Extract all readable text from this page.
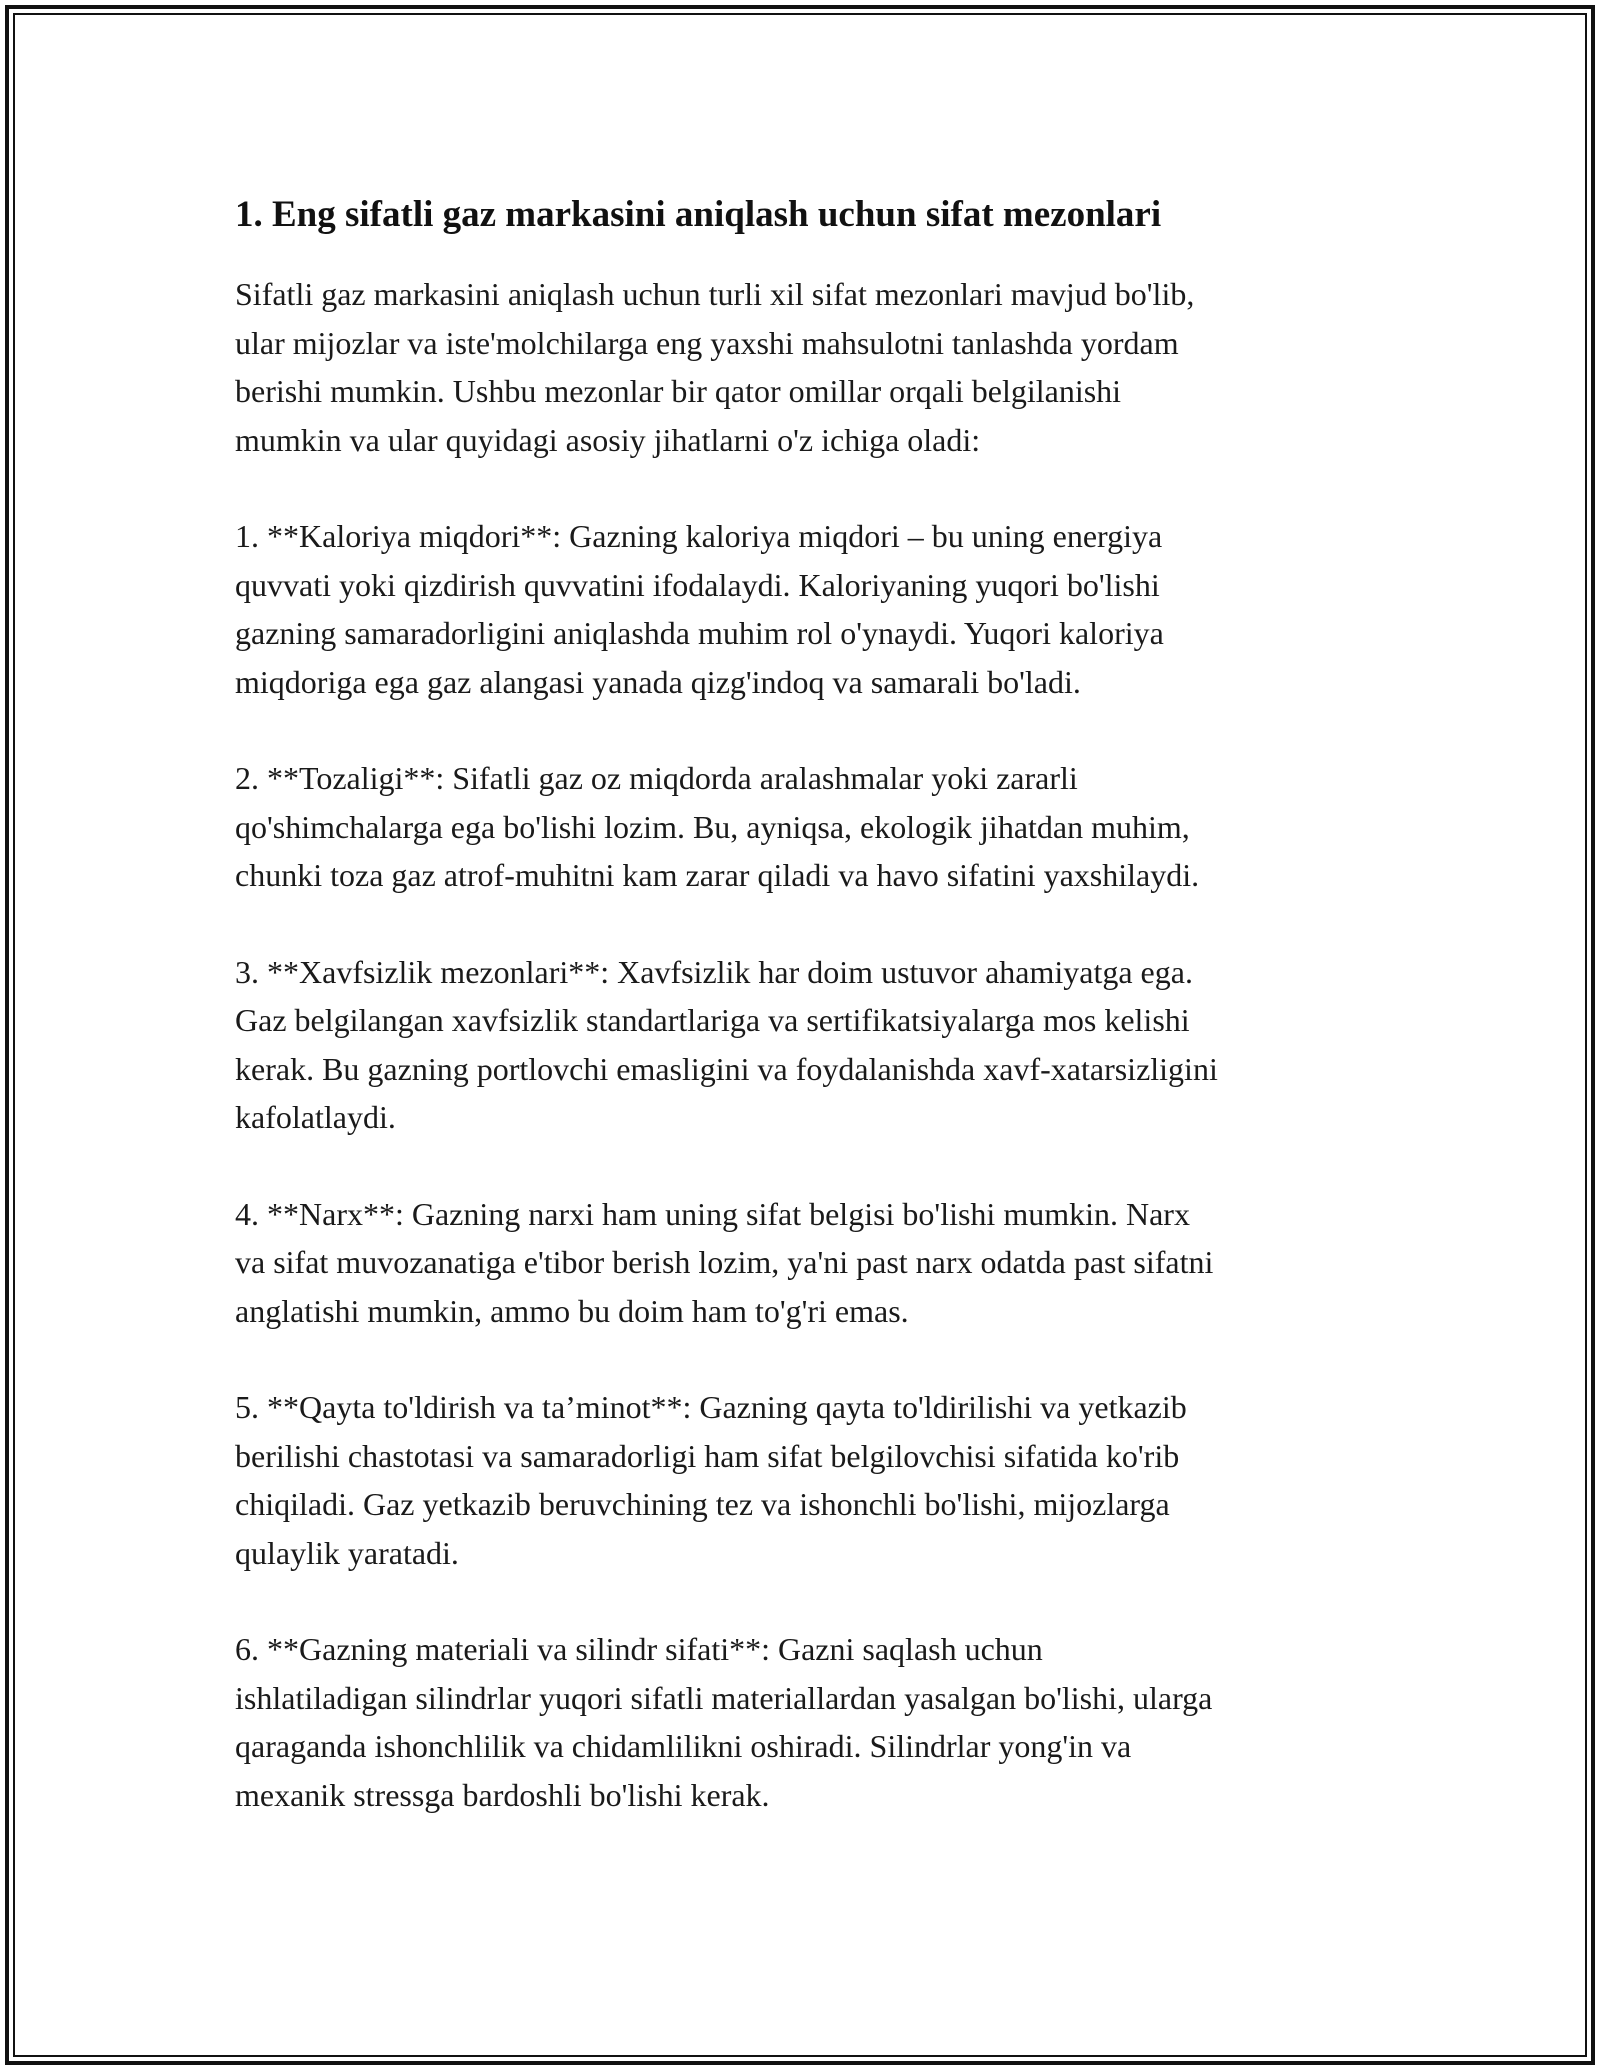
1. Eng sifatli gaz markasini aniqlash uchun sifat mezonlari
Sifatli gaz markasini aniqlash uchun turli xil sifat mezonlari mavjud bo'lib,
ular mijozlar va iste'molchilarga eng yaxshi mahsulotni tanlashda yordam
berishi mumkin. Ushbu mezonlar bir qator omillar orqali belgilanishi
mumkin va ular quyidagi asosiy jihatlarni o'z ichiga oladi:
1. **Kaloriya miqdori**: Gazning kaloriya miqdori – bu uning energiya
quvvati yoki qizdirish quvvatini ifodalaydi. Kaloriyaning yuqori bo'lishi
gazning samaradorligini aniqlashda muhim rol o'ynaydi. Yuqori kaloriya
miqdoriga ega gaz alangasi yanada qizg'indoq va samarali bo'ladi.
2. **Tozaligi**: Sifatli gaz oz miqdorda aralashmalar yoki zararli
qo'shimchalarga ega bo'lishi lozim. Bu, ayniqsa, ekologik jihatdan muhim,
chunki toza gaz atrof-muhitni kam zarar qiladi va havo sifatini yaxshilaydi.
3. **Xavfsizlik mezonlari**: Xavfsizlik har doim ustuvor ahamiyatga ega.
Gaz belgilangan xavfsizlik standartlariga va sertifikatsiyalarga mos kelishi
kerak. Bu gazning portlovchi emasligini va foydalanishda xavf-xatarsizligini
kafolatlaydi.
4. **Narx**: Gazning narxi ham uning sifat belgisi bo'lishi mumkin. Narx
va sifat muvozanatiga e'tibor berish lozim, ya'ni past narx odatda past sifatni
anglatishi mumkin, ammo bu doim ham to'g'ri emas.
5. **Qayta to'ldirish va ta’minot**: Gazning qayta to'ldirilishi va yetkazib
berilishi chastotasi va samaradorligi ham sifat belgilovchisi sifatida ko'rib
chiqiladi. Gaz yetkazib beruvchining tez va ishonchli bo'lishi, mijozlarga
qulaylik yaratadi.
6. **Gazning materiali va silindr sifati**: Gazni saqlash uchun
ishlatiladigan silindrlar yuqori sifatli materiallardan yasalgan bo'lishi, ularga
qaraganda ishonchlilik va chidamlilikni oshiradi. Silindrlar yong'in va
mexanik stressga bardoshli bo'lishi kerak.
